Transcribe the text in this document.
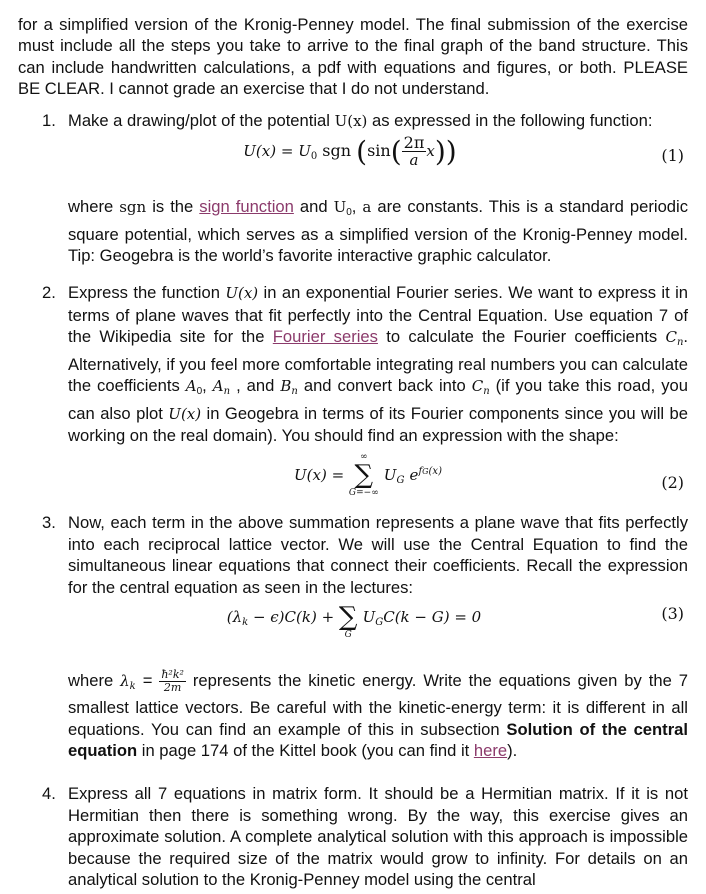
for a simplified version of the Kronig-Penney model. The final submission of the exercise must include all the steps you take to arrive to the final graph of the band structure. This can include handwritten calculations, a pdf with equations and figures, or both. PLEASE BE CLEAR. I cannot grade an exercise that I do not understand.

1. Make a drawing/plot of the potential U(x) as expressed in the following function:
$U(x) = U_0$ sgn $(\sin( \frac{2\pi}{a} x))$	(1)
where sgn is the sign function and $U_0$, a are constants. This is a standard periodic square potential, which serves as a simplified version of the Kronig-Penney model. Tip: Geogebra is the world’s favorite interactive graphic calculator.
2. Express the function U(x) in an exponential Fourier series. We want to express it in terms of plane waves that fit perfectly into the Central Equation. Use equation 7 of the Wikipedia site for the Fourier series to calculate the Fourier coefficients $C_n$. Alternatively, if you feel more comfortable integrating real numbers you can calculate the coefficients $A_0$, $A_n$ , and $B_n$ and convert back into $C_n$ (if you take this road, you can also plot U(x) in Geogebra in terms of its Fourier components since you will be working on the real domain). You should find an expression with the shape:
U(x) =
∞
∑
G=−∞
$U_G$ $e^{fG(x)}$
(2)
3. Now, each term in the above summation represents a plane wave that fits perfectly into each reciprocal lattice vector. We will use the Central Equation to find the simultaneous linear equations that connect their coefficients. Recall the expression for the central equation as seen in the lectures:
$(\lambda_k - \epsilon)C(k)$ +
∑
G
$U_GC(k - G) = 0$	(3)
where $\lambda_k = \frac{\text{ħ²k²}}{2m}$ represents the kinetic energy. Write the equations given by the 7 smallest lattice vectors. Be careful with the kinetic-energy term: it is different in all equations. You can find an example of this in subsection Solution of the central equation in page 174 of the Kittel book (you can find it here).
4. Express all 7 equations in matrix form. It should be a Hermitian matrix. If it is not Hermitian then there is something wrong. By the way, this exercise gives an approximate solution. A complete analytical solution with this approach is impossible because the required size of the matrix would grow to infinity. For details on an analytical solution to the Kronig-Penney model using the central
